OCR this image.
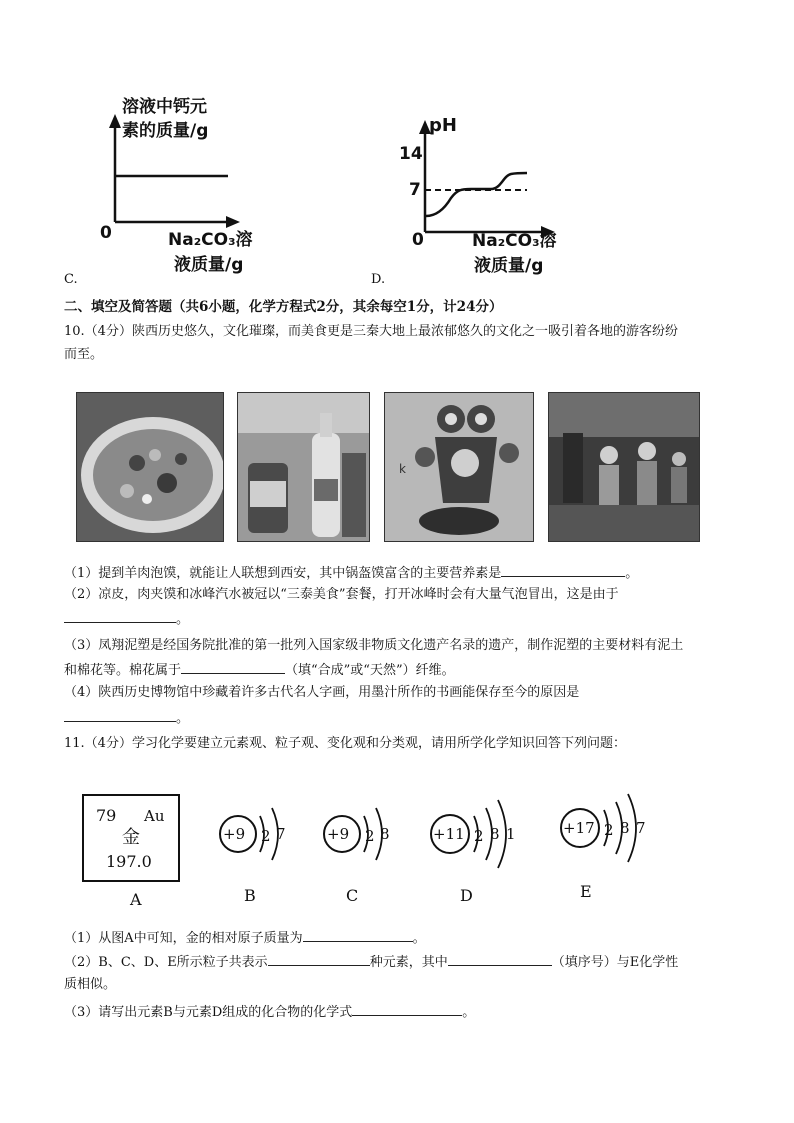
溶液中钙元
素的质量/g
0	Na₂CO₃溶
液质量/g
C.
pH
14
7
0	Na₂CO₃溶
液质量/g
D.
二、填空及简答题（共6小题，化学方程式2分，其余每空1分，计24分）
10.（4分）陕西历史悠久，文化璀璨，而美食更是三秦大地上最浓郁悠久的文化之一吸引着各地的游客纷纷
而至。
k
（1）提到羊肉泡馍，就能让人联想到西安，其中锅盔馍富含的主要营养素是	。
（2）凉皮，肉夹馍和冰峰汽水被冠以“三泰美食”套餐，打开冰峰时会有大量气泡冒出，这是由于
。
（3）凤翔泥塑是经国务院批准的第一批列入国家级非物质文化遗产名录的遗产，制作泥塑的主要材料有泥土
和棉花等。棉花属于	（填“合成”或“天然”）纤维。
（4）陕西历史博物馆中珍藏着许多古代名人字画，用墨汁所作的书画能保存至今的原因是
。
11.（4分）学习化学要建立元素观、粒子观、变化观和分类观，请用所学化学知识回答下列问题：
79 Au
金
197.0
A
+9 2 7
B
+9 2 8
C
+11 2 8 1
D
+17 2 8 7
E
（1）从图A中可知，金的相对原子质量为	。
（2）B、C、D、E所示粒子共表示	种元素，其中	（填序号）与E化学性
质相似。
（3）请写出元素B与元素D组成的化合物的化学式	。
